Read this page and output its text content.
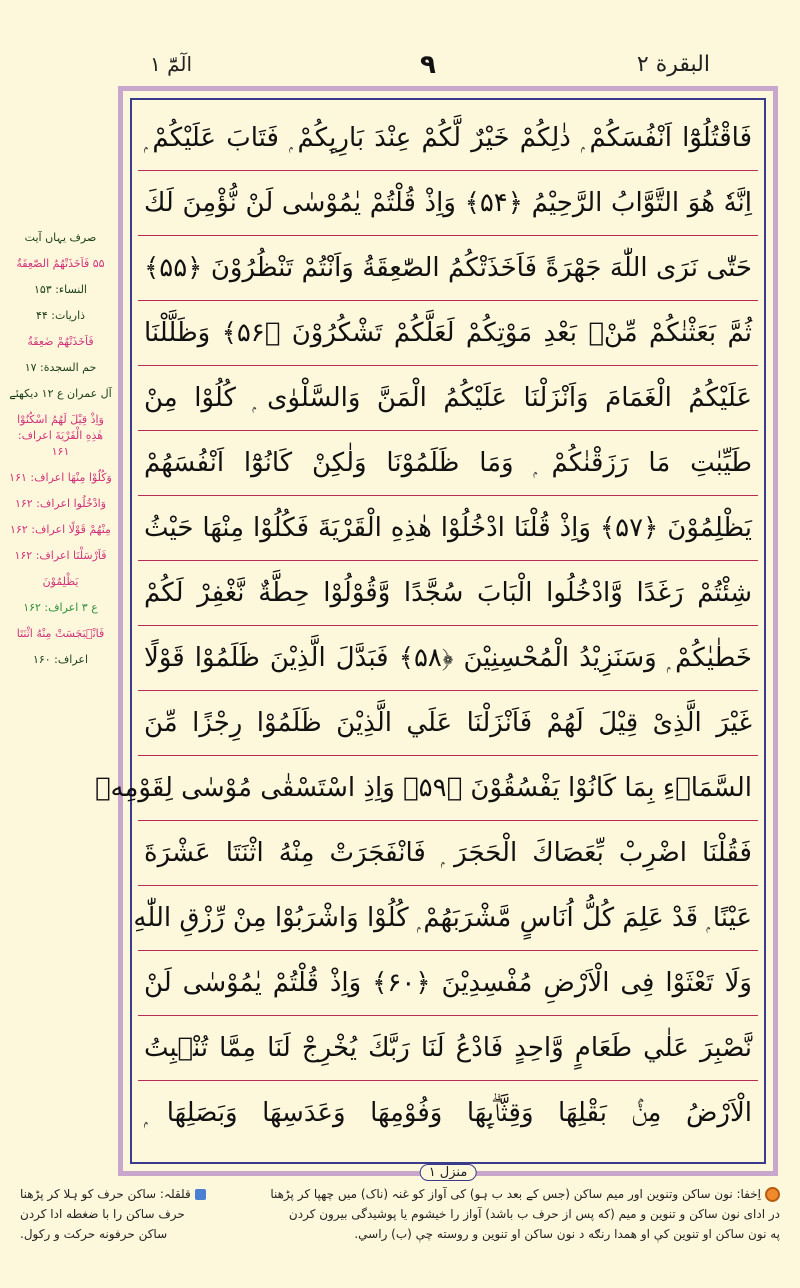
الٓمّٓ ١	٩	البقرة ٢
صرف یہاں آیت
۵۵ فَاَخَذَتْهُمُ الصّٰعِقَةُ
النساء: ۱۵۳
ذاریات: ۴۴
فَاَخَذَتْهُمْ صٰعِقَةُ
حم السجدة: ۱۷
آل عمران ع ۱۲ دیکھئے
وَاِذْ قِيْلَ لَهُمُ اسْكُنُوْا هٰذِهِ الْقَرْيَةَ اعراف: ۱۶۱
وَكُلُوْا مِنْهَا اعراف: ۱۶۱
وَادْخُلُوا اعراف: ۱۶۲
مِنْهُمْ قَوْلًا اعراف: ۱۶۲
فَاَرْسَلْنَا اعراف: ۱۶۲
يَظْلِمُوْنَ
ع ۳ اعراف: ۱۶۲
فَانْۢبَجَسَتْ مِنْهُ اثْنَتَا
اعراف: ۱۶۰
فَاقْتُلُوْٓا اَنْفُسَكُمْ ۭ ذٰلِكُمْ خَيْرٌ لَّكُمْ عِنْدَ بَارِىِٕكُمْ ۭ فَتَابَ عَلَيْكُمْ ۭ
اِنَّهٗ ھُوَ التَّوَّابُ الرَّحِيْمُ ﴿۵۴﴾ وَاِذْ قُلْتُمْ يٰمُوْسٰى لَنْ نُّؤْمِنَ لَكَ
حَتّٰى نَرَى اللّٰهَ جَهْرَةً فَاَخَذَتْكُمُ الصّٰعِقَةُ وَاَنْتُمْ تَنْظُرُوْنَ ﴿۵۵﴾
ثُمَّ بَعَثْنٰكُمْ مِّنْۢ بَعْدِ مَوْتِكُمْ لَعَلَّكُمْ تَشْكُرُوْنَ ﴿۵۶﴾ وَظَلَّلْنَا
عَلَيْكُمُ الْغَمَامَ وَاَنْزَلْنَا عَلَيْكُمُ الْمَنَّ وَالسَّلْوٰى ۭ كُلُوْا مِنْ
طَيِّبٰتِ مَا رَزَقْنٰكُمْ ۭ وَمَا ظَلَمُوْنَا وَلٰكِنْ كَانُوْٓا اَنْفُسَهُمْ
يَظْلِمُوْنَ ﴿۵۷﴾ وَاِذْ قُلْنَا ادْخُلُوْا ھٰذِهِ الْقَرْيَةَ فَكُلُوْا مِنْهَا حَيْثُ
شِئْتُمْ رَغَدًا وَّادْخُلُوا الْبَابَ سُجَّدًا وَّقُوْلُوْا حِطَّةٌ نَّغْفِرْ لَكُمْ
خَطٰيٰكُمْ ۭ وَسَنَزِيْدُ الْمُحْسِنِيْنَ ﴿۵۸﴾ فَبَدَّلَ الَّذِيْنَ ظَلَمُوْا قَوْلًا
غَيْرَ الَّذِىْ قِيْلَ لَھُمْ فَاَنْزَلْنَا عَلَي الَّذِيْنَ ظَلَمُوْا رِجْزًا مِّنَ
السَّمَاۗءِ بِمَا كَانُوْا يَفْسُقُوْنَ ﴿۵۹﴾ وَاِذِ اسْتَسْقٰى مُوْسٰى لِقَوْمِهٖ
فَقُلْنَا اضْرِبْ بِّعَصَاكَ الْحَجَرَ ۭ فَانْفَجَرَتْ مِنْهُ اثْنَتَا عَشْرَةَ
عَيْنًا ۭ قَدْ عَلِمَ كُلُّ اُنَاسٍ مَّشْرَبَھُمْ ۭ كُلُوْا وَاشْرَبُوْا مِنْ رِّزْقِ اللّٰهِ
وَلَا تَعْثَوْا فِى الْاَرْضِ مُفْسِدِيْنَ ﴿۶۰﴾ وَاِذْ قُلْتُمْ يٰمُوْسٰى لَنْ
نَّصْبِرَ عَلٰي طَعَامٍ وَّاحِدٍ فَادْعُ لَنَا رَبَّكَ يُخْرِجْ لَنَا مِمَّا تُنْۢبِتُ
الْاَرْضُ مِنْۢ بَقْلِهَا وَقِثَّاۗىِٕهَا وَفُوْمِهَا وَعَدَسِهَا وَبَصَلِهَا ۭ
منزل ١
اِخفا: نون ساکن وتنوین اور میم ساکن (جس کے بعد ب ہو) کی آواز کو غنہ (ناک) میں چھپا کر پڑھنا
قلقلہ: ساکن حرف کو ہلا کر پڑھنا
در ادای نون ساکن و تنوین و میم (که پس از حرف ب باشد) آواز را خیشوم یا پوشیدگی بیرون کردن
حرف ساکن را با ضغطه ادا کردن
په نون ساکن او تنوین کې او همدا رنګه د نون ساکن او تنوین و روسته چې (ب) راسي.
ساکن حرفونه حرکت و رکول.
